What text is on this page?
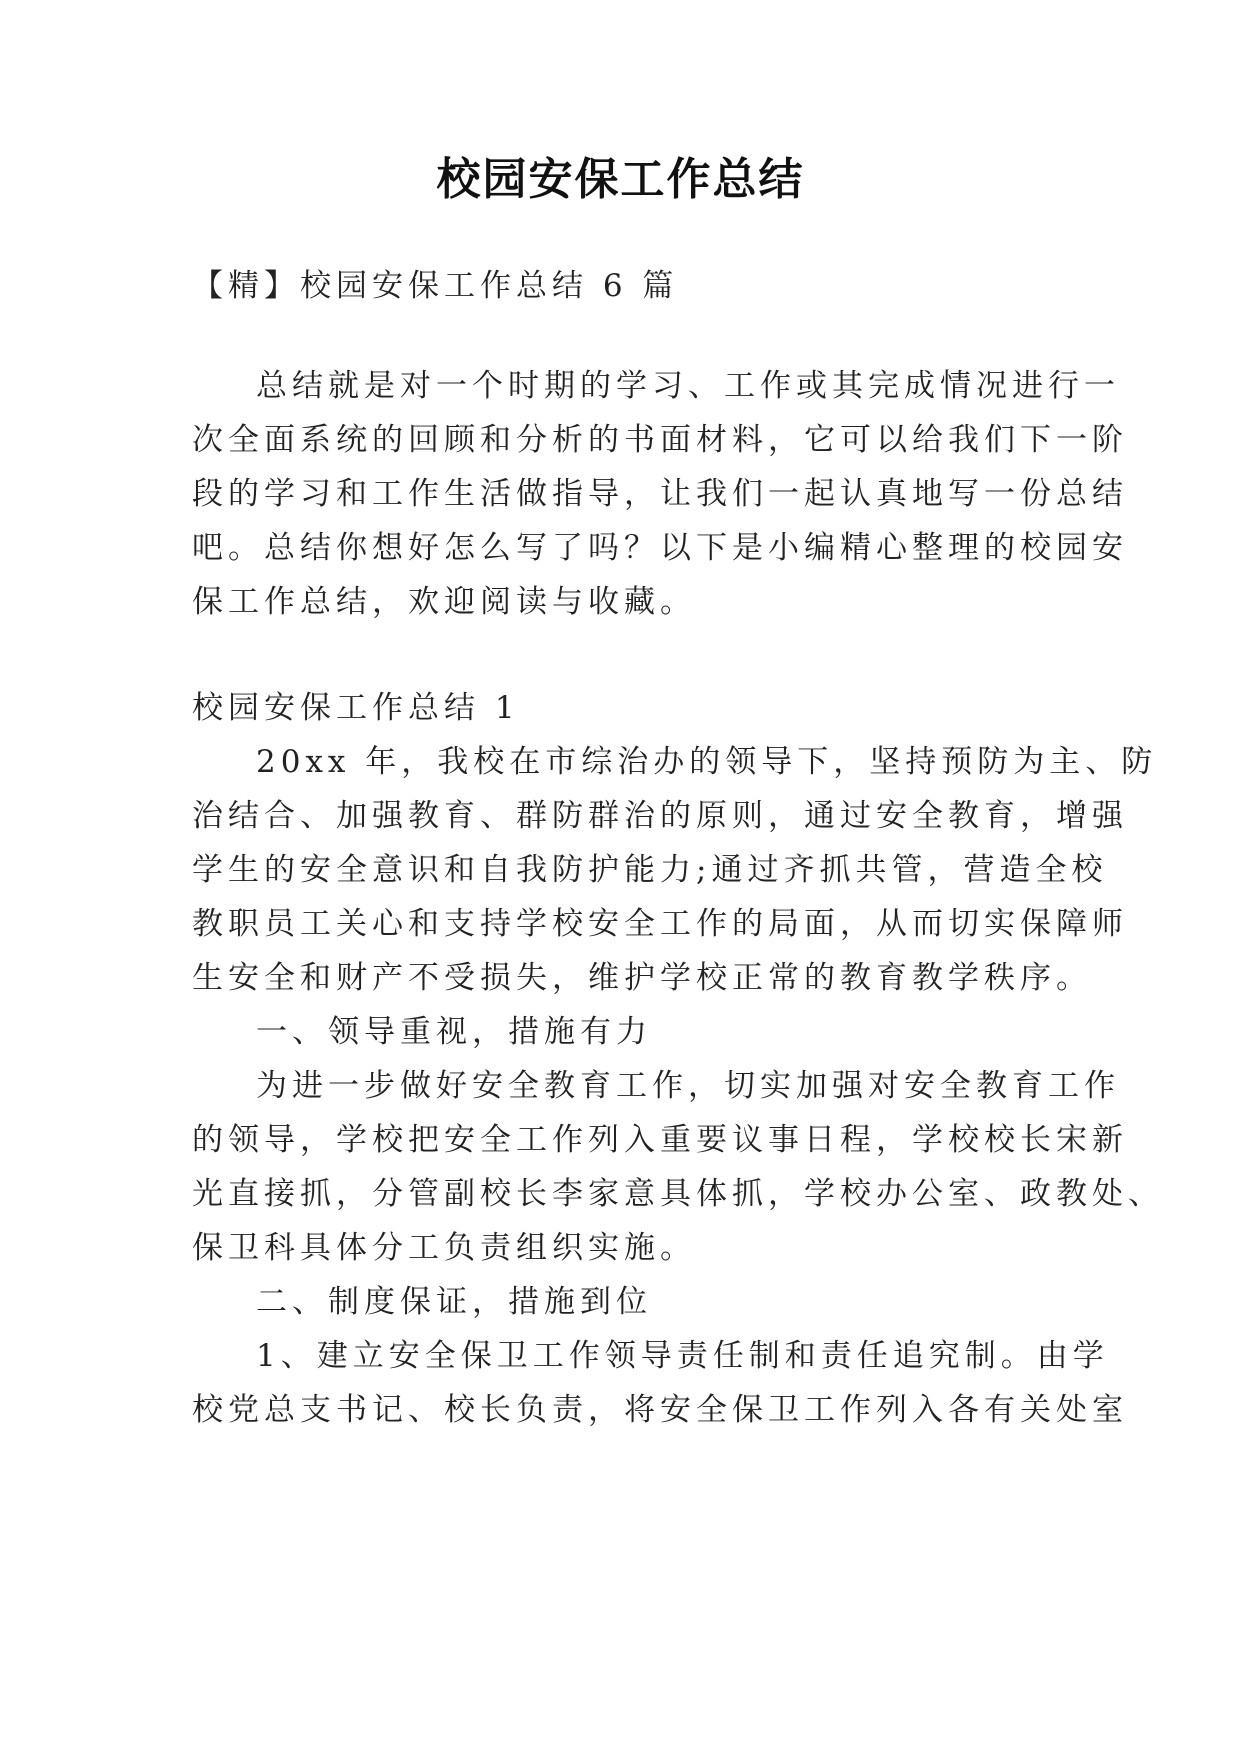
校园安保工作总结
【精】校园安保工作总结 6 篇
总结就是对一个时期的学习、工作或其完成情况进行一
次全面系统的回顾和分析的书面材料，它可以给我们下一阶
段的学习和工作生活做指导，让我们一起认真地写一份总结
吧。总结你想好怎么写了吗？以下是小编精心整理的校园安
保工作总结，欢迎阅读与收藏。
校园安保工作总结 1
20xx 年，我校在市综治办的领导下，坚持预防为主、防
治结合、加强教育、群防群治的原则，通过安全教育，增强
学生的安全意识和自我防护能力;通过齐抓共管，营造全校
教职员工关心和支持学校安全工作的局面，从而切实保障师
生安全和财产不受损失，维护学校正常的教育教学秩序。
一、领导重视，措施有力
为进一步做好安全教育工作，切实加强对安全教育工作
的领导，学校把安全工作列入重要议事日程，学校校长宋新
光直接抓，分管副校长李家意具体抓，学校办公室、政教处、
保卫科具体分工负责组织实施。
二、制度保证，措施到位
1、建立安全保卫工作领导责任制和责任追究制。由学
校党总支书记、校长负责，将安全保卫工作列入各有关处室
